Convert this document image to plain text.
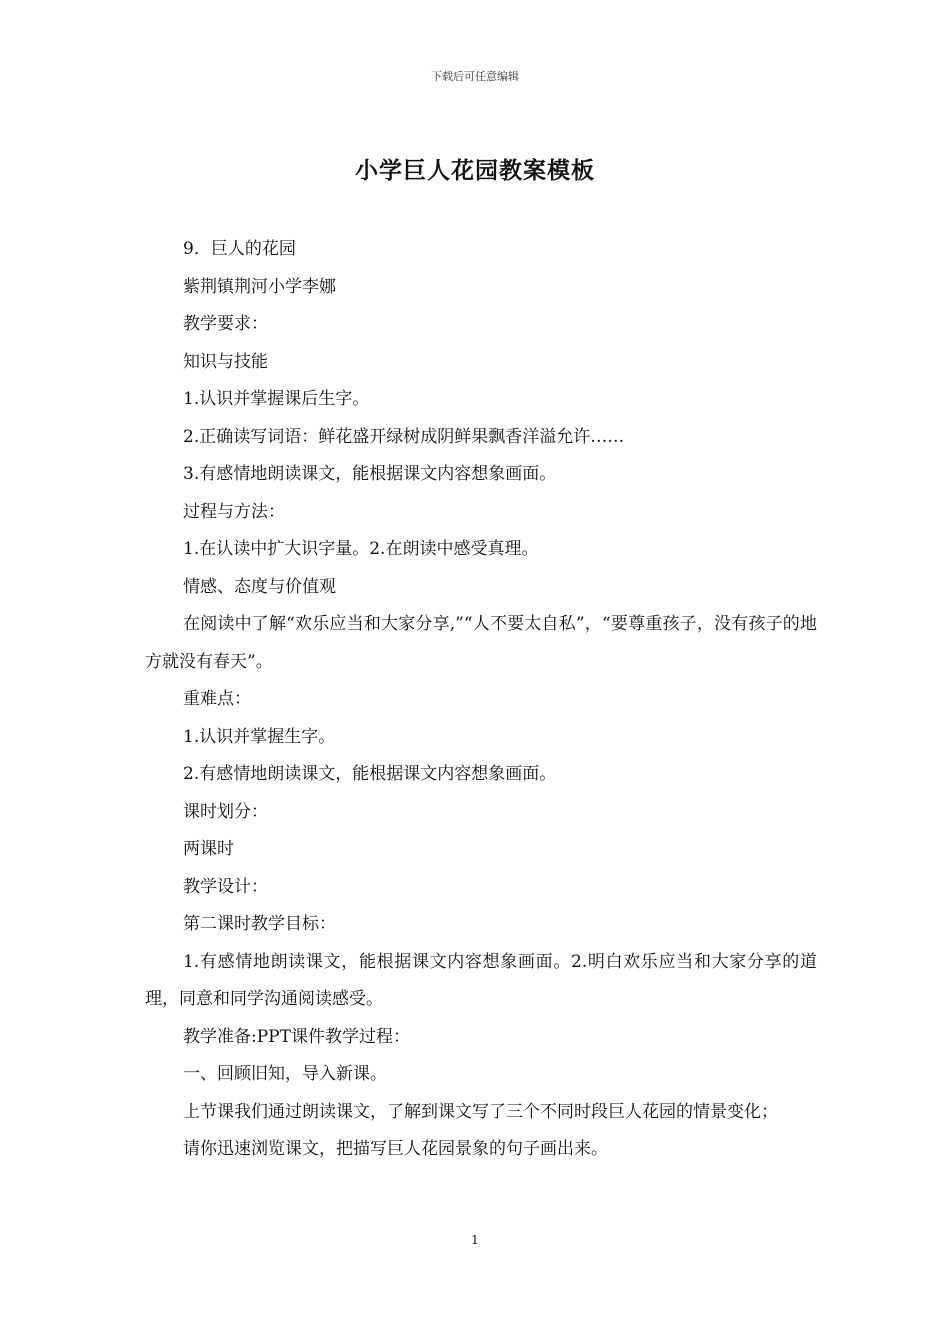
下载后可任意编辑
小学巨人花园教案模板

9．巨人的花园

紫荆镇荆河小学李娜

教学要求：

知识与技能

1.认识并掌握课后生字。

2.正确读写词语：鲜花盛开绿树成阴鲜果飘香洋溢允许……

3.有感情地朗读课文，能根据课文内容想象画面。

过程与方法：

1.在认读中扩大识字量。2.在朗读中感受真理。

情感、态度与价值观

在阅读中了解“欢乐应当和大家分享,”“人不要太自私”，“要尊重孩子，没有孩子的地方就没有春天”。

重难点：

1.认识并掌握生字。

2.有感情地朗读课文，能根据课文内容想象画面。

课时划分：

两课时

教学设计：

第二课时教学目标：

1.有感情地朗读课文，能根据课文内容想象画面。2.明白欢乐应当和大家分享的道理，同意和同学沟通阅读感受。

教学准备:PPT课件教学过程：

一、回顾旧知，导入新课。

上节课我们通过朗读课文，了解到课文写了三个不同时段巨人花园的情景变化；

请你迅速浏览课文，把描写巨人花园景象的句子画出来。

1
